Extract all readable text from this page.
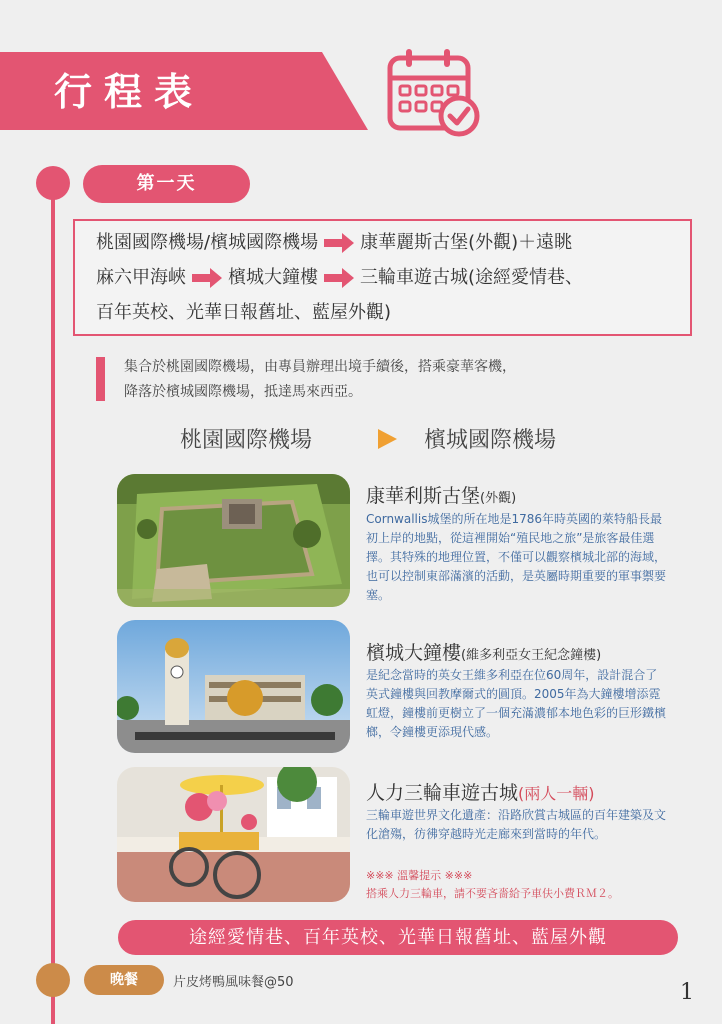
行程表
第一天
桃園國際機場/檳城國際機場 康華麗斯古堡(外觀)＋遠眺
麻六甲海峽 檳城大鐘樓 三輪車遊古城(途經愛情巷、
百年英校、光華日報舊址、藍屋外觀)
集合於桃園國際機場，由專員辦理出境手續後，搭乘豪華客機，
降落於檳城國際機場，抵達馬來西亞。
桃園國際機場	檳城國際機場
康華利斯古堡(外觀)
Cornwallis城堡的所在地是1786年時英國的萊特船長最初上岸的地點，從這裡開始“殖民地之旅”是旅客最佳選擇。其特殊的地理位置，不僅可以觀察檳城北部的海域，也可以控制東部滿濱的活動，是英屬時期重要的軍事禦要塞。
檳城大鐘樓(維多利亞女王紀念鐘樓)
是紀念當時的英女王維多利亞在位60周年，設計混合了英式鐘樓與回教摩爾式的圓頂。2005年為大鐘樓增添霓虹燈，鐘樓前更樹立了一個充滿濃郁本地色彩的巨形鐵檳榔，令鐘樓更添現代感。
人力三輪車遊古城(兩人一輛)
三輪車遊世界文化遺產：沿路欣賞古城區的百年建築及文化滄殤，彷彿穿越時光走廊來到當時的年代。
※※※ 溫馨提示 ※※※
搭乘人力三輪車，請不要吝嗇給予車伕小費ＲＭ２。
途經愛情巷、百年英校、光華日報舊址、藍屋外觀
晚餐	片皮烤鴨風味餐@50	1
